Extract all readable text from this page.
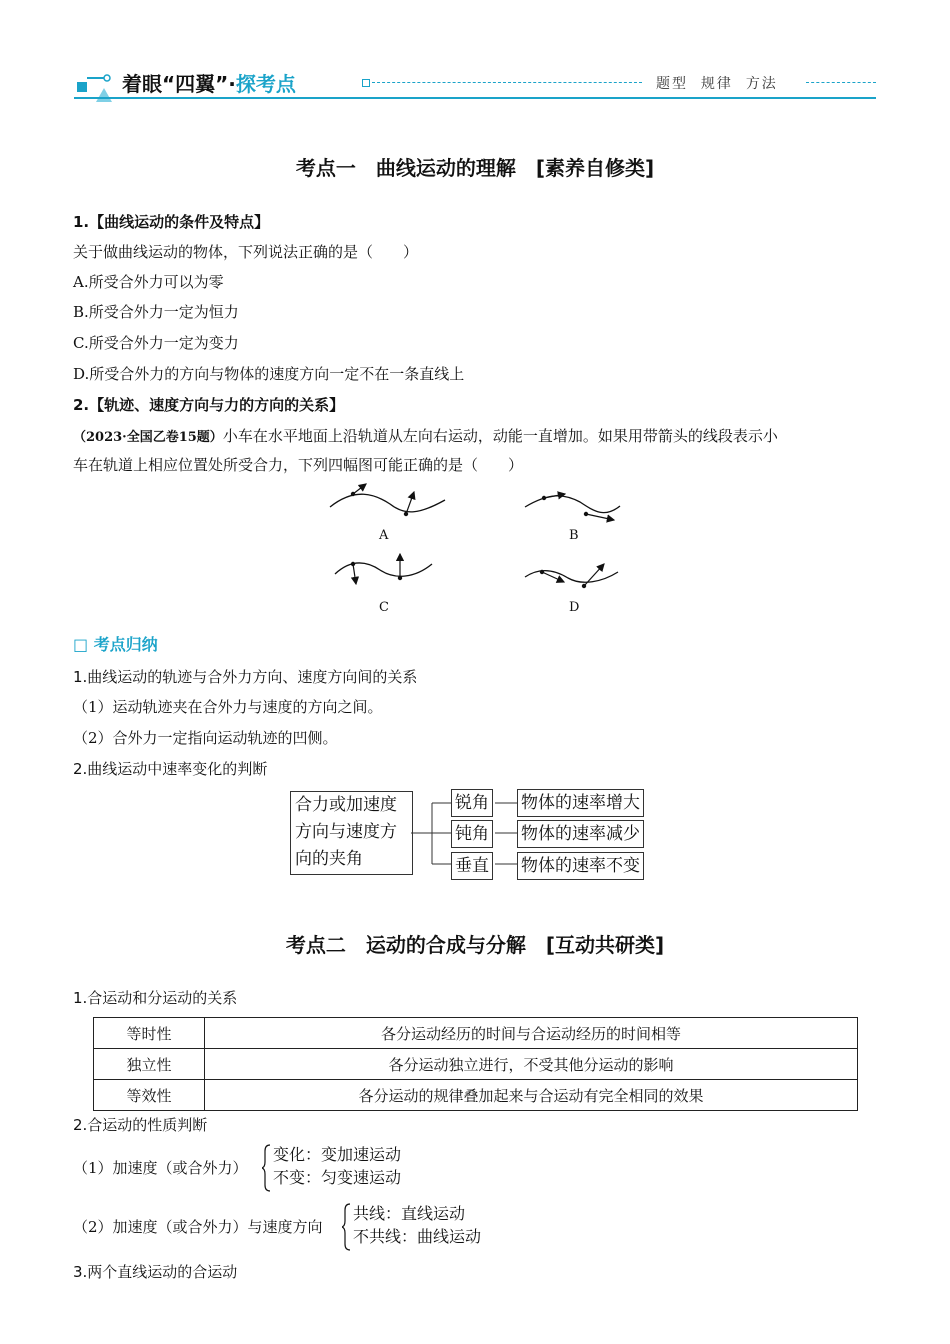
着眼“四翼”·探考点	题型 规律 方法
考点一　曲线运动的理解　[素养自修类]
1.【曲线运动的条件及特点】
关于做曲线运动的物体，下列说法正确的是（　　）
A.所受合外力可以为零
B.所受合外力一定为恒力
C.所受合外力一定为变力
D.所受合外力的方向与物体的速度方向一定不在一条直线上
2.【轨迹、速度方向与力的方向的关系】
（2023·全国乙卷15题）小车在水平地面上沿轨道从左向右运动，动能一直增加。如果用带箭头的线段表示小
车在轨道上相应位置处所受合力，下列四幅图可能正确的是（　　）
A	B
C	D
□ 考点归纳
1.曲线运动的轨迹与合外力方向、速度方向间的关系
（1）运动轨迹夹在合外力与速度的方向之间。
（2）合外力一定指向运动轨迹的凹侧。
2.曲线运动中速率变化的判断
合力或加速度
方向与速度方
向的夹角
锐角
钝角
垂直
物体的速率增大
物体的速率减少
物体的速率不变
考点二　运动的合成与分解　[互动共研类]
1.合运动和分运动的关系
等时性	各分运动经历的时间与合运动经历的时间相等
独立性	各分运动独立进行，不受其他分运动的影响
等效性	各分运动的规律叠加起来与合运动有完全相同的效果
2.合运动的性质判断
（1）加速度（或合外力）
变化：变加速运动
不变：匀变速运动
（2）加速度（或合外力）与速度方向
共线：直线运动
不共线：曲线运动
3.两个直线运动的合运动
